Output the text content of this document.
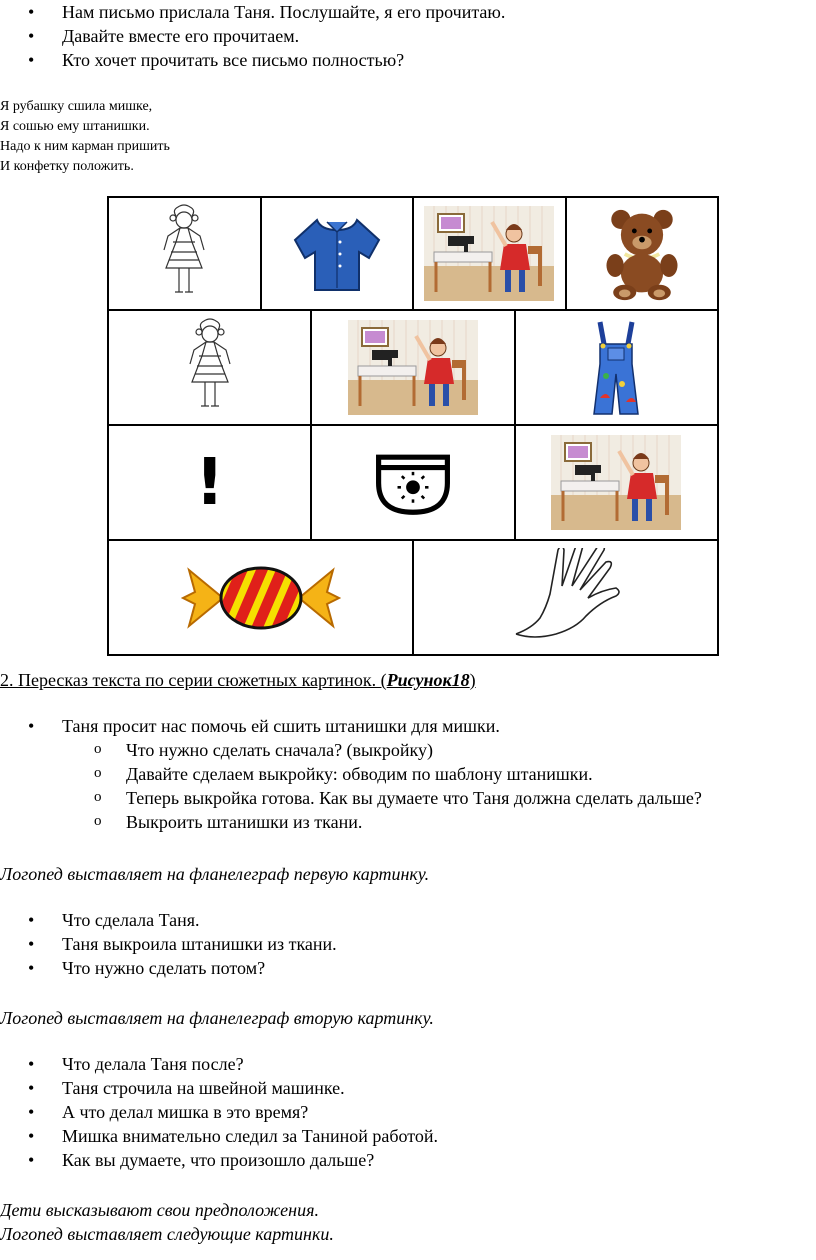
• Нам письмо прислала Таня. Послушайте, я его прочитаю.
• Давайте вместе его прочитаем.
• Кто хочет прочитать все письмо полностью?
Я рубашку сшила мишке,
Я сошью ему штанишки.
Надо к ним карман пришить
И конфетку положить.
!
2. Пересказ текста по серии сюжетных картинок. (Рисунок18)
• Таня просит нас помочь ей сшить штанишки для мишки.
o Что нужно сделать сначала? (выкройку)
o Давайте сделаем выкройку: обводим по шаблону штанишки.
o Теперь выкройка готова. Как вы думаете что Таня должна сделать дальше?
o Выкроить штанишки из ткани.
Логопед выставляет на фланелеграф первую картинку.
• Что сделала Таня.
• Таня выкроила штанишки из ткани.
• Что нужно сделать потом?
Логопед выставляет на фланелеграф вторую картинку.
• Что делала Таня после?
• Таня строчила на швейной машинке.
• А что делал мишка в это время?
• Мишка внимательно следил за Таниной работой.
• Как вы думаете, что произошло дальше?
Дети высказывают свои предположения.
Логопед выставляет следующие картинки.
